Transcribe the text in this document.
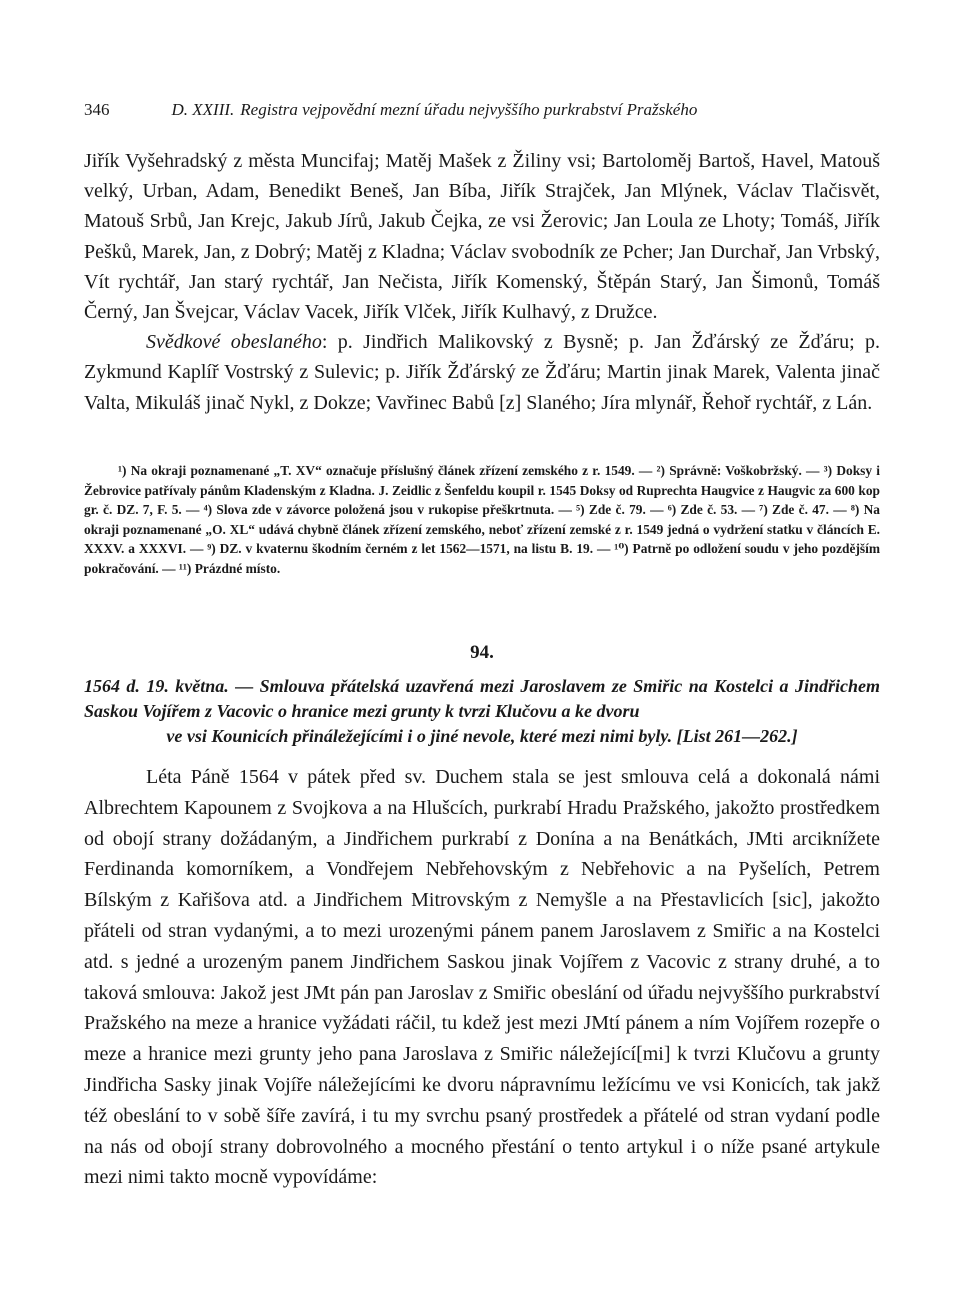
346	D. XXIII. Registra vejpovědní mezní úřadu nejvyššího purkrabství Pražského

Jiřík Vyšehradský z města Muncifaj; Matěj Mašek z Žiliny vsi; Bartoloměj Bartoš, Havel, Matouš velký, Urban, Adam, Benedikt Beneš, Jan Bíba, Jiřík Strajček, Jan Mlýnek, Václav Tlačisvět, Matouš Srbů, Jan Krejc, Jakub Jírů, Jakub Čejka, ze vsi Žerovic; Jan Loula ze Lhoty; Tomáš, Jiřík Pešků, Marek, Jan, z Dobrý; Matěj z Kladna; Václav svobodník ze Pcher; Jan Durchař, Jan Vrbský, Vít rychtář, Jan starý rychtář, Jan Nečista, Jiřík Komenský, Štěpán Starý, Jan Šimonů, Tomáš Černý, Jan Švejcar, Václav Vacek, Jiřík Vlček, Jiřík Kulhavý, z Družce.

Svědkové obeslaného: p. Jindřich Malikovský z Bysně; p. Jan Žďárský ze Žďáru; p. Zykmund Kaplíř Vostrský z Sulevic; p. Jiřík Žďárský ze Žďáru; Martin jinak Marek, Valenta jinač Valta, Mikuláš jinač Nykl, z Dokze; Vavřinec Babů [z] Slaného; Jíra mlynář, Řehoř rychtář, z Lán.

¹) Na okraji poznamenané „T. XV“ označuje příslušný článek zřízení zemského z r. 1549. — ²) Správně: Voškobržský. — ³) Doksy i Žebrovice patřívaly pánům Kladenským z Kladna. J. Zeidlic z Šenfeldu koupil r. 1545 Doksy od Ruprechta Haugvice z Haugvic za 600 kop gr. č. DZ. 7, F. 5. — ⁴) Slova zde v závorce položená jsou v rukopise přeškrtnuta. — ⁵) Zde č. 79. — ⁶) Zde č. 53. — ⁷) Zde č. 47. — ⁸) Na okraji poznamenané „O. XL“ udává chybně článek zřízení zemského, neboť zřízení zemské z r. 1549 jedná o vydržení statku v článcích E. XXXV. a XXXVI. — ⁹) DZ. v kvaternu škodním černém z let 1562—1571, na listu B. 19. — ¹⁰) Patrně po odložení soudu v jeho pozdějším pokračování. — ¹¹) Prázdné místo.
94.
1564 d. 19. května. — Smlouva přátelská uzavřená mezi Jaroslavem ze Smiřic na Kostelci a Jindřichem Saskou Vojířem z Vacovic o hranice mezi grunty k tvrzi Klučovu a ke dvoru
ve vsi Kounicích přináležejícími i o jiné nevole, které mezi nimi byly. [List 261—262.]

Léta Páně 1564 v pátek před sv. Duchem stala se jest smlouva celá a dokonalá námi Albrechtem Kapounem z Svojkova a na Hlušcích, purkrabí Hradu Pražského, jakožto prostředkem od obojí strany dožádaným, a Jindřichem purkrabí z Donína a na Benátkách, JMti arciknížete Ferdinanda komorníkem, a Vondřejem Nebřehovským z Nebřehovic a na Pyšelích, Petrem Bílským z Kařišova atd. a Jindřichem Mitrovským z Nemyšle a na Přestavlicích [sic], jakožto přáteli od stran vydanými, a to mezi urozenými pánem panem Jaroslavem z Smiřic a na Kostelci atd. s jedné a urozeným panem Jindřichem Saskou jinak Vojířem z Vacovic z strany druhé, a to taková smlouva: Jakož jest JMt pán pan Jaroslav z Smiřic obeslání od úřadu nejvyššího purkrabství Pražského na meze a hranice vyžádati ráčil, tu kdež jest mezi JMtí pánem a ním Vojířem rozepře o meze a hranice mezi grunty jeho pana Jaroslava z Smiřic náležející[mi] k tvrzi Klučovu a grunty Jindřicha Sasky jinak Vojíře náležejícími ke dvoru nápravnímu ležícímu ve vsi Konicích, tak jakž též obeslání to v sobě šíře zavírá, i tu my svrchu psaný prostředek a přátelé od stran vydaní podle na nás od obojí strany dobrovolného a mocného přestání o tento artykul i o níže psané artykule mezi nimi takto mocně vypovídáme:
